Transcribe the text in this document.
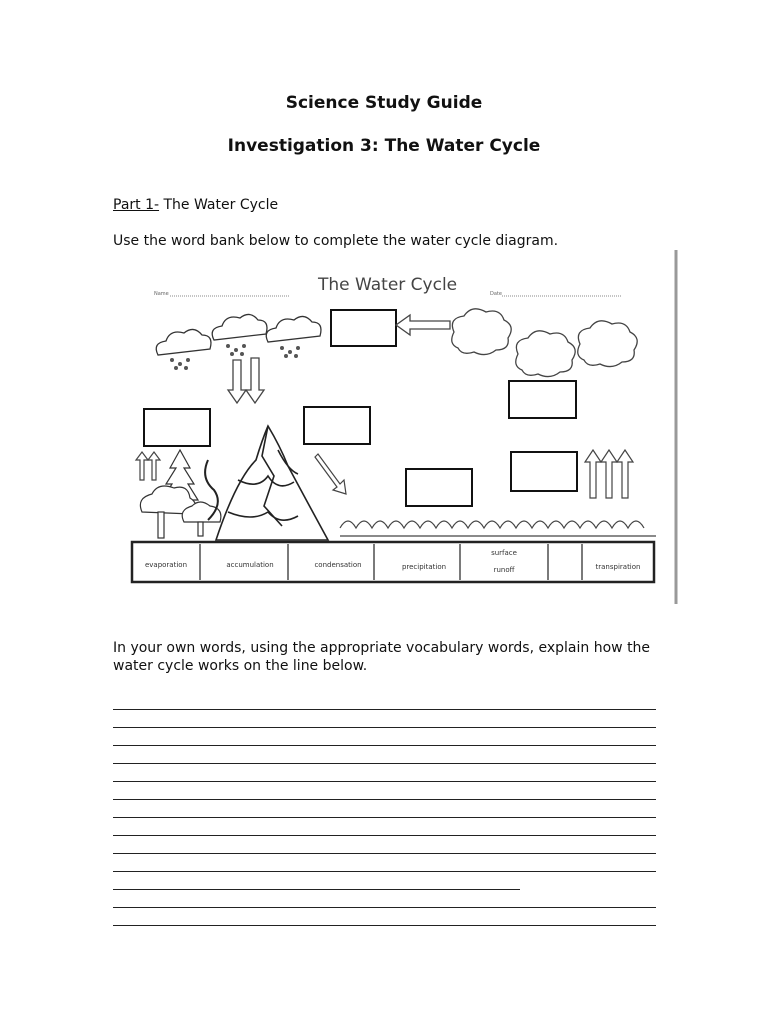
Science Study Guide
Investigation 3: The Water Cycle
Part 1- The Water Cycle
Use the word bank below to complete the water cycle diagram.
Name	The Water Cycle	Date
evaporation	accumulation	condensation	precipitation
surface runoff	transpiration
In your own words, using the appropriate vocabulary words, explain how the water cycle works on the line below.
